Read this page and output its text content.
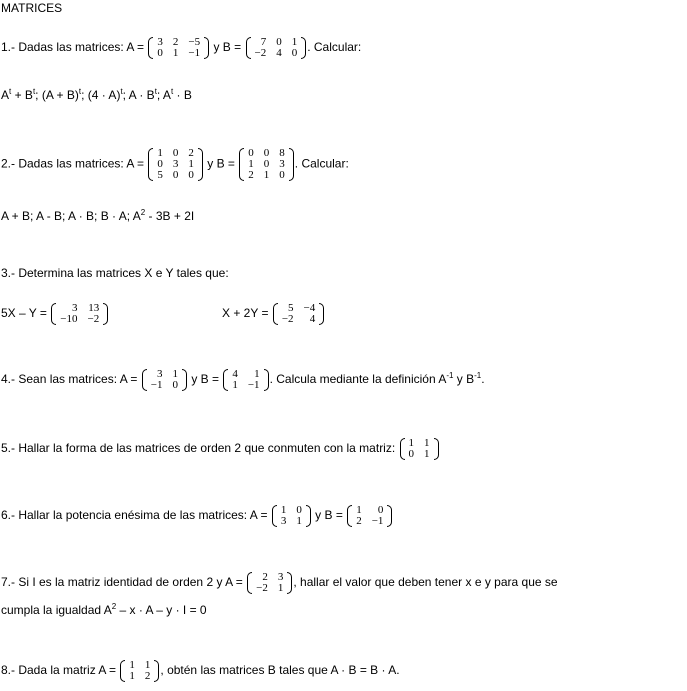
MATRICES
1.- Dadas las matrices: A = 3	2	−5
0	1	−1 y B = 7	0	1
−2	4	0 . Calcular:
$A^t + B^t$; $(A + B)^t$; $(4 \cdot A)^t$; $A \cdot B^t$; $A^t \cdot B$
2.- Dadas las matrices: A =
1	0	2
0	3	1
5	0	0
y B =
0	0	8
1	0	3
2	1	0
. Calcular:
A + B; A - B; A · B; B · A; $A^2 - 3B + 2I$
3.- Determina las matrices X e Y tales que:
5X – Y = 3	13
−10	−2	X + 2Y = 5	−4
−2	4
4.- Sean las matrices: A = 3	1
−1	0 y B = 4	1
1	−1 . Calcula mediante la definición $A^{-1}$ y $B^{-1}$.
5.- Hallar la forma de las matrices de orden 2 que conmuten con la matriz: 1	1
0	1
6.- Hallar la potencia enésima de las matrices: A = 1	0
3	1 y B = 1	0
2	−1
7.- Si I es la matriz identidad de orden 2 y A = 2	3
−2	1 , hallar el valor que deben tener x e y para que se
cumpla la igualdad $A^2 - x \cdot A - y \cdot I = 0$
8.- Dada la matriz A = 1	1
1	2 , obtén las matrices B tales que A · B = B · A.
